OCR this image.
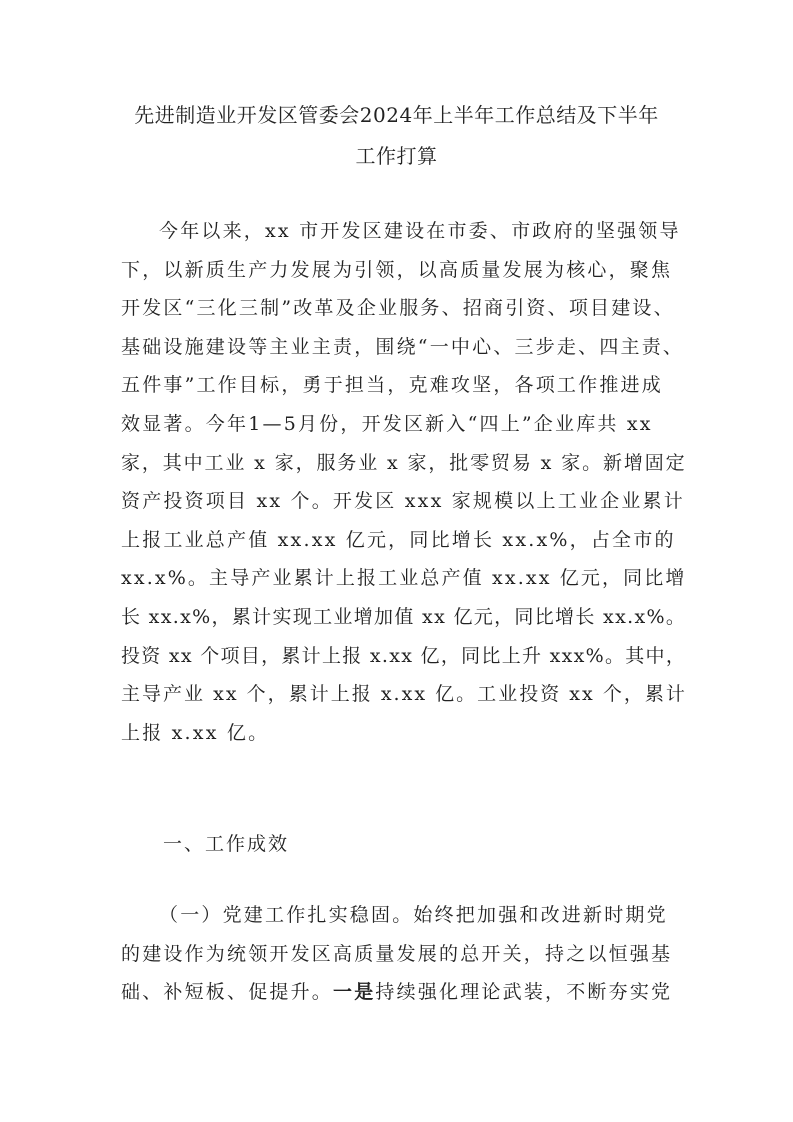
先进制造业开发区管委会2024年上半年工作总结及下半年
工作打算
今年以来，xx 市开发区建设在市委、市政府的坚强领导
下，以新质生产力发展为引领，以高质量发展为核心，聚焦
开发区“三化三制”改革及企业服务、招商引资、项目建设、
基础设施建设等主业主责，围绕“一中心、三步走、四主责、
五件事”工作目标，勇于担当，克难攻坚，各项工作推进成
效显著。今年1—5月份，开发区新入“四上”企业库共 xx
家，其中工业 x 家，服务业 x 家，批零贸易 x 家。新增固定
资产投资项目 xx 个。开发区 xxx 家规模以上工业企业累计
上报工业总产值 xx.xx 亿元，同比增长 xx.x%，占全市的
xx.x%。主导产业累计上报工业总产值 xx.xx 亿元，同比增
长 xx.x%，累计实现工业增加值 xx 亿元，同比增长 xx.x%。
投资 xx 个项目，累计上报 x.xx 亿，同比上升 xxx%。其中，
主导产业 xx 个，累计上报 x.xx 亿。工业投资 xx 个，累计
上报 x.xx 亿。
一、工作成效
（一）党建工作扎实稳固。始终把加强和改进新时期党
的建设作为统领开发区高质量发展的总开关，持之以恒强基
础、补短板、促提升。一是持续强化理论武装，不断夯实党
